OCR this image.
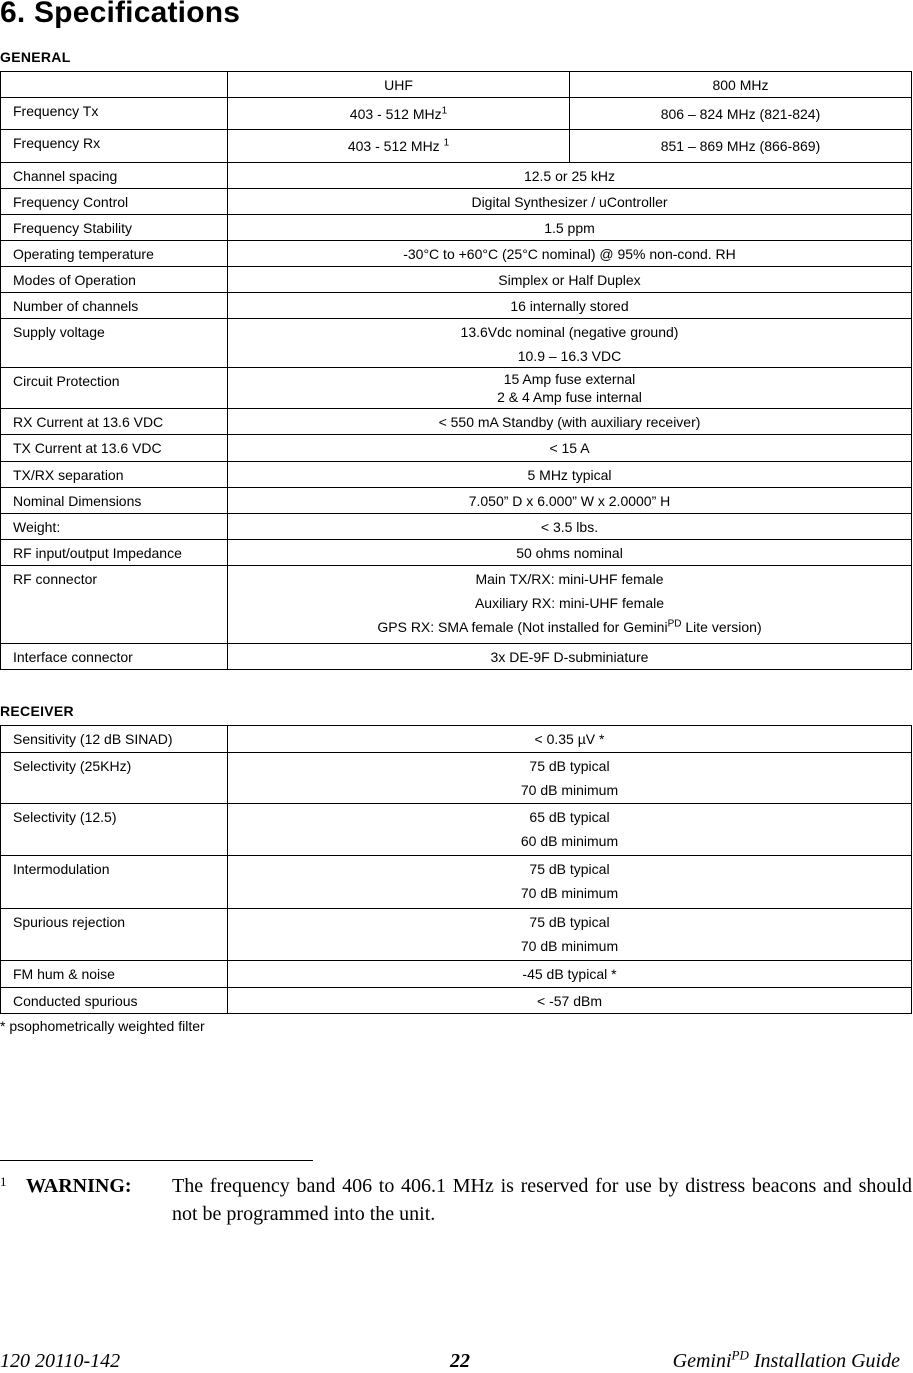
6. Specifications
GENERAL
	UHF	800 MHz

Frequency Tx	403 - 512 MHz$^1$	806 – 824 MHz (821-824)

Frequency Rx	403 - 512 MHz $^1$	851 – 869 MHz (866-869)
Channel spacing	12.5 or 25 kHz	
Frequency Control	Digital Synthesizer / uController	
Frequency Stability	1.5 ppm	
Operating temperature	-30°C to +60°C (25°C nominal) @ 95% non-cond. RH	
Modes of Operation	Simplex or Half Duplex	
Number of channels	16 internally stored	

Supply voltage	13.6Vdc nominal (negative ground)
10.9 – 16.3 VDC	

Circuit Protection	15 Amp fuse external
2 & 4 Amp fuse internal	

RX Current at 13.6 VDC	< 550 mA Standby (with auxiliary receiver)	
TX Current at 13.6 VDC	< 15 A	
TX/RX separation	5 MHz typical	
Nominal Dimensions	7.050” D x 6.000” W x 2.0000” H	
Weight:	< 3.5 lbs.	
RF input/output Impedance	50 ohms nominal	

RF connector	Main TX/RX: mini-UHF female
Auxiliary RX: mini-UHF female
GPS RX: SMA female (Not installed for Gemini$^{PD}$ Lite version)	

Interface connector	3x DE-9F D-subminiature	
RECEIVER
Sensitivity (12 dB SINAD)	< 0.35 µV *

Selectivity (25KHz)	75 dB typical
70 dB minimum

Selectivity (12.5)	65 dB typical
60 dB minimum

Intermodulation	75 dB typical
70 dB minimum

Spurious rejection	75 dB typical
70 dB minimum

FM hum & noise	-45 dB typical *
Conducted spurious	< -57 dBm
* psophometrically weighted filter
1 WARNING: The frequency band 406 to 406.1 MHz is reserved for use by distress beacons and should not be programmed into the unit.
120 20110-142	22	Gemini$^{PD}$ Installation Guide
